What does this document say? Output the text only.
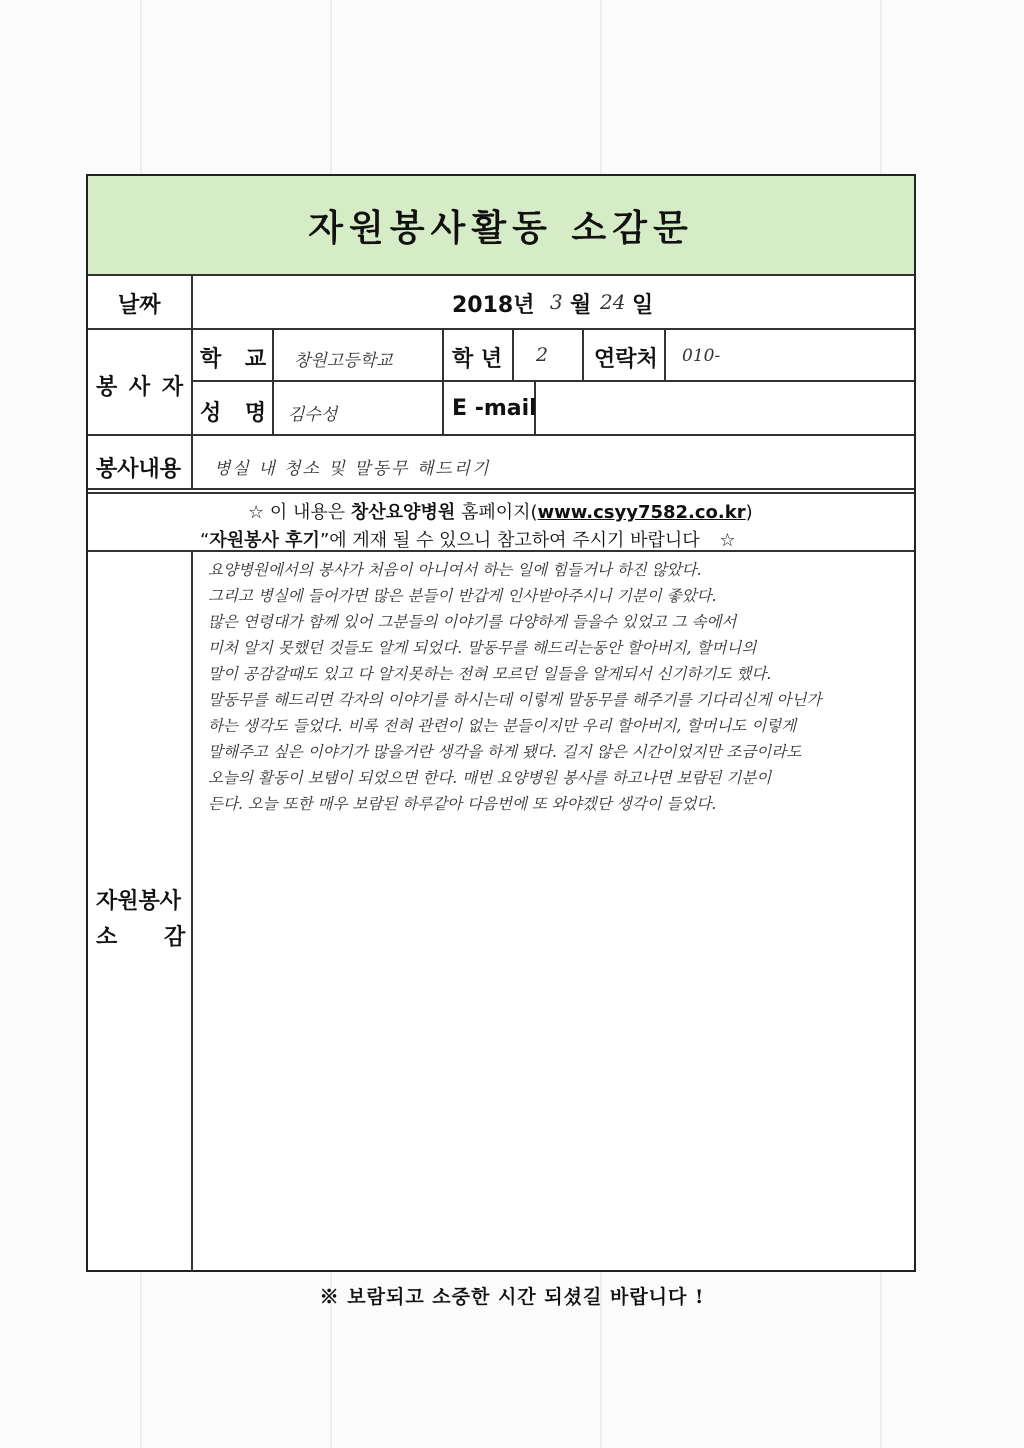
자원봉사활동 소감문
날짜	2018년 3 월 24 일
봉 사 자
학 교 창원고등학교	학 년 2 연락처 010-
성 명 김수성	E -mail
봉사내용 병실 내 청소 및 말동무 해드리기
☆ 이 내용은 창산요양병원 홈페이지(www.csyy7582.co.kr)
“자원봉사 후기”에 게재 될 수 있으니 참고하여 주시기 바랍니다 ☆
자원봉사
소 감
요양병원에서의 봉사가 처음이 아니여서 하는 일에 힘들거나 하진 않았다.
그리고 병실에 들어가면 많은 분들이 반갑게 인사받아주시니 기분이 좋았다.
많은 연령대가 함께 있어 그분들의 이야기를 다양하게 들을수 있었고 그 속에서
미처 알지 못했던 것들도 알게 되었다. 말동무를 해드리는동안 할아버지, 할머니의
말이 공감갈때도 있고 다 알지못하는 전혀 모르던 일들을 알게되서 신기하기도 했다.
말동무를 해드리면 각자의 이야기를 하시는데 이렇게 말동무를 해주기를 기다리신게 아닌가
하는 생각도 들었다. 비록 전혀 관련이 없는 분들이지만 우리 할아버지, 할머니도 이렇게
말해주고 싶은 이야기가 많을거란 생각을 하게 됐다. 길지 않은 시간이었지만 조금이라도
오늘의 활동이 보탬이 되었으면 한다. 매번 요양병원 봉사를 하고나면 보람된 기분이
든다. 오늘 또한 매우 보람된 하루같아 다음번에 또 와야겠단 생각이 들었다.
※ 보람되고 소중한 시간 되셨길 바랍니다 !
